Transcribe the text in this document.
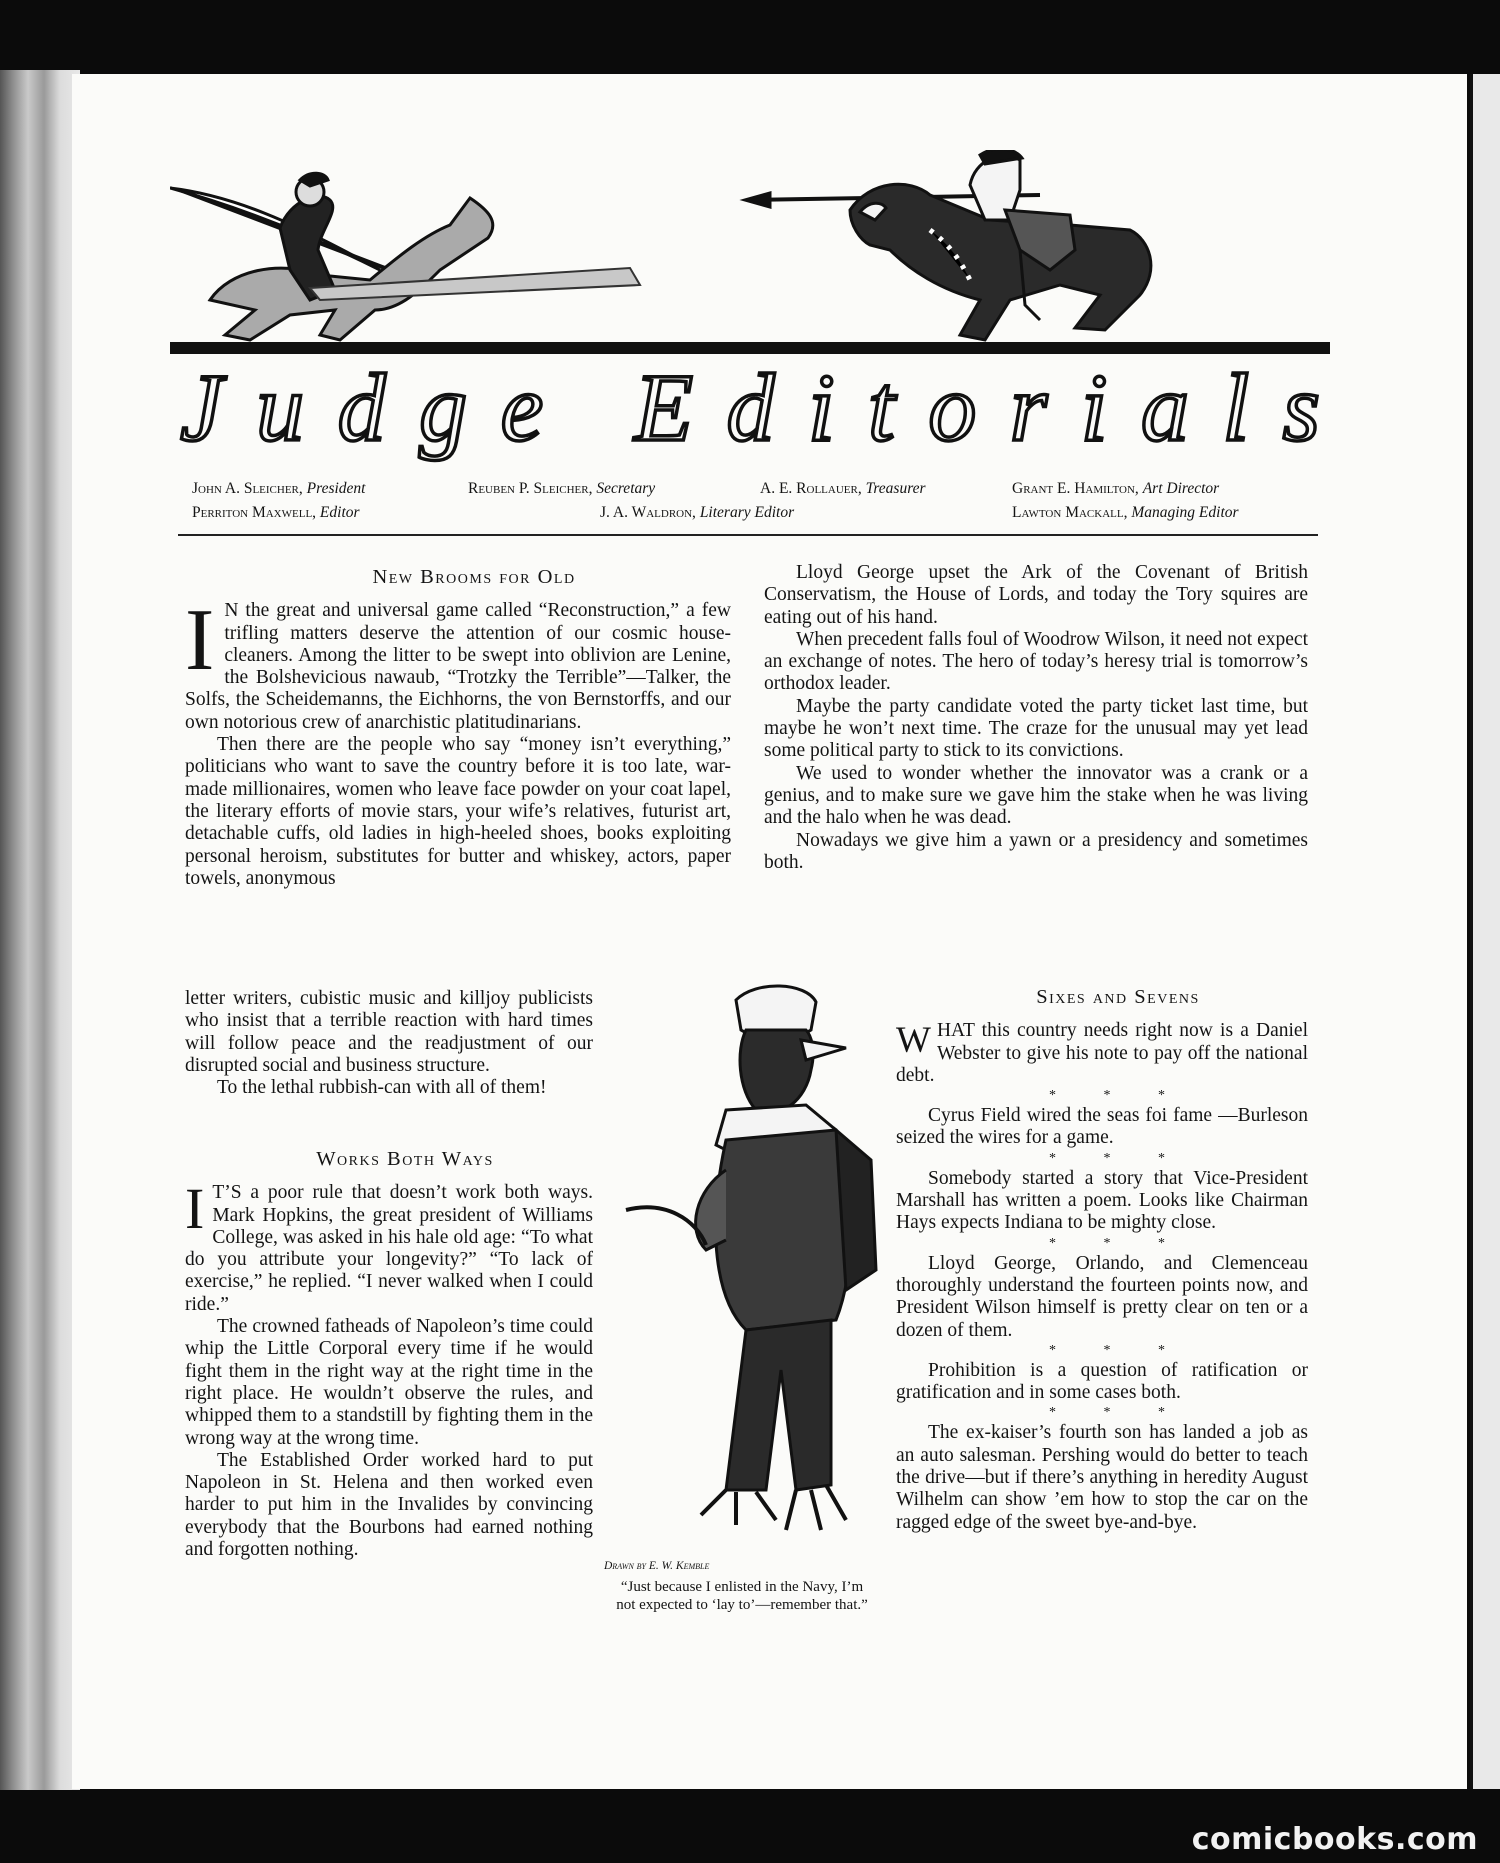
Judge Editorials
John A. Sleicher, President	Reuben P. Sleicher, Secretary	A. E. Rollauer, Treasurer	Grant E. Hamilton, Art Director
Perriton Maxwell, Editor	J. A. Waldron, Literary Editor	Lawton Mackall, Managing Editor

New Brooms for Old

I N the great and universal game called “Reconstruction,” a few trifling matters deserve the attention of our cosmic house-cleaners. Among the litter to be swept into oblivion are Lenine, the Bolshevicious nawaub, “Trotzky the Terrible”—Talker, the Solfs, the Scheidemanns, the Eichhorns, the von Bernstorffs, and our own notorious crew of anarchistic platitudinarians.

Then there are the people who say “money isn’t everything,” politicians who want to save the country before it is too late, war-made millionaires, women who leave face powder on your coat lapel, the literary efforts of movie stars, your wife’s relatives, futurist art, detachable cuffs, old ladies in high-heeled shoes, books exploiting personal heroism, substitutes for butter and whiskey, actors, paper towels, anonymous

letter writers, cubistic music and killjoy publicists who insist that a terrible reaction with hard times will follow peace and the readjustment of our disrupted social and business structure.

To the lethal rubbish-can with all of them!

Works Both Ways

I T’S a poor rule that doesn’t work both ways. Mark Hopkins, the great president of Williams College, was asked in his hale old age: “To what do you attribute your longevity?” “To lack of exercise,” he replied. “I never walked when I could ride.”

The crowned fatheads of Napoleon’s time could whip the Little Corporal every time if he would fight them in the right way at the right time in the right place. He wouldn’t observe the rules, and whipped them to a standstill by fighting them in the wrong way at the wrong time.

The Established Order worked hard to put Napoleon in St. Helena and then worked even harder to put him in the Invalides by convincing everybody that the Bourbons had earned nothing and forgotten nothing.

Lloyd George upset the Ark of the Covenant of British Conservatism, the House of Lords, and today the Tory squires are eating out of his hand.

When precedent falls foul of Woodrow Wilson, it need not expect an exchange of notes. The hero of today’s heresy trial is tomorrow’s orthodox leader.

Maybe the party candidate voted the party ticket last time, but maybe he won’t next time. The craze for the unusual may yet lead some political party to stick to its convictions.

We used to wonder whether the innovator was a crank or a genius, and to make sure we gave him the stake when he was living and the halo when he was dead.

Nowadays we give him a yawn or a presidency and sometimes both.

Drawn by E. W. Kemble
“Just because I enlisted in the Navy, I’m not expected to ‘lay to’—remember that.”

Sixes and Sevens

WHAT this country needs right now is a Daniel Webster to give his note to pay off the national debt.

* * *

Cyrus Field wired the seas foi fame —Burleson seized the wires for a game.

* * *

Somebody started a story that Vice-President Marshall has written a poem. Looks like Chairman Hays expects Indiana to be mighty close.

* * *

Lloyd George, Orlando, and Clemenceau thoroughly understand the fourteen points now, and President Wilson himself is pretty clear on ten or a dozen of them.

* * *

Prohibition is a question of ratification or gratification and in some cases both.

* * *

The ex-kaiser’s fourth son has landed a job as an auto salesman. Pershing would do better to teach the drive—but if there’s anything in heredity August Wilhelm can show ’em how to stop the car on the ragged edge of the sweet bye-and-bye.

comicbooks.com
